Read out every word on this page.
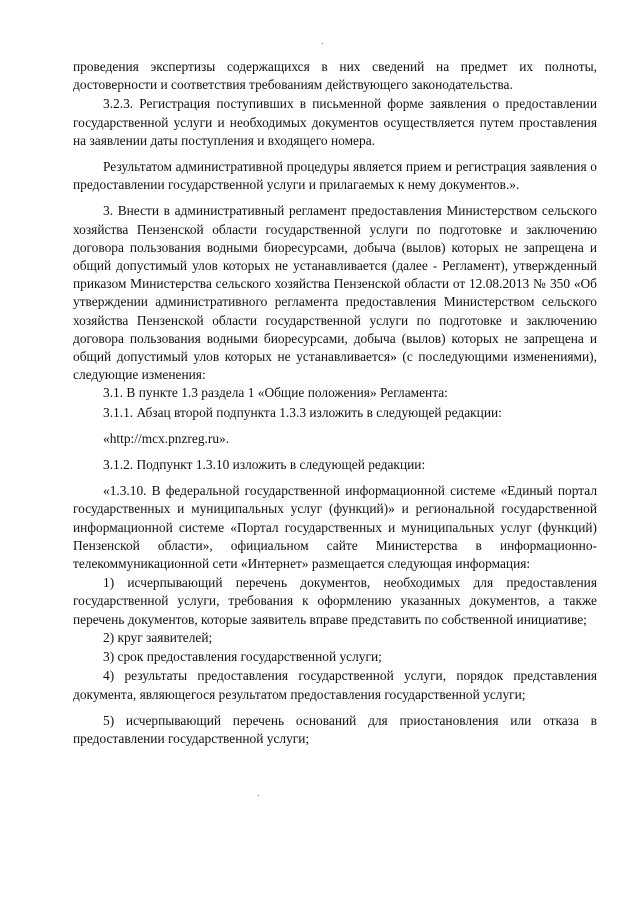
проведения экспертизы содержащихся в них сведений на предмет их полноты, достоверности и соответствия требованиям действующего законодательства.

3.2.3. Регистрация поступивших в письменной форме заявления о предоставлении государственной услуги и необходимых документов осуществляется путем проставления на заявлении даты поступления и входящего номера.

Результатом административной процедуры является прием и регистрация заявления о предоставлении государственной услуги и прилагаемых к нему документов.».

3. Внести в административный регламент предоставления Министерством сельского хозяйства Пензенской области государственной услуги по подготовке и заключению договора пользования водными биоресурсами, добыча (вылов) которых не запрещена и общий допустимый улов которых не устанавливается (далее - Регламент), утвержденный приказом Министерства сельского хозяйства Пензенской области от 12.08.2013 № 350 «Об утверждении административного регламента предоставления Министерством сельского хозяйства Пензенской области государственной услуги по подготовке и заключению договора пользования водными биоресурсами, добыча (вылов) которых не запрещена и общий допустимый улов которых не устанавливается» (с последующими изменениями), следующие изменения:

3.1. В пункте 1.3 раздела 1 «Общие положения» Регламента:

3.1.1. Абзац второй подпункта 1.3.3 изложить в следующей редакции:

«http://mcx.pnzreg.ru».

3.1.2. Подпункт 1.3.10 изложить в следующей редакции:

«1.3.10. В федеральной государственной информационной системе «Единый портал государственных и муниципальных услуг (функций)» и региональной государственной информационной системе «Портал государственных и муниципальных услуг (функций) Пензенской области», официальном сайте Министерства в информационно-телекоммуникационной сети «Интернет» размещается следующая информация:

1) исчерпывающий перечень документов, необходимых для предоставления государственной услуги, требования к оформлению указанных документов, а также перечень документов, которые заявитель вправе представить по собственной инициативе;

2) круг заявителей;

3) срок предоставления государственной услуги;

4) результаты предоставления государственной услуги, порядок представления документа, являющегося результатом предоставления государственной услуги;

5) исчерпывающий перечень оснований для приостановления или отказа в предоставлении государственной услуги;
